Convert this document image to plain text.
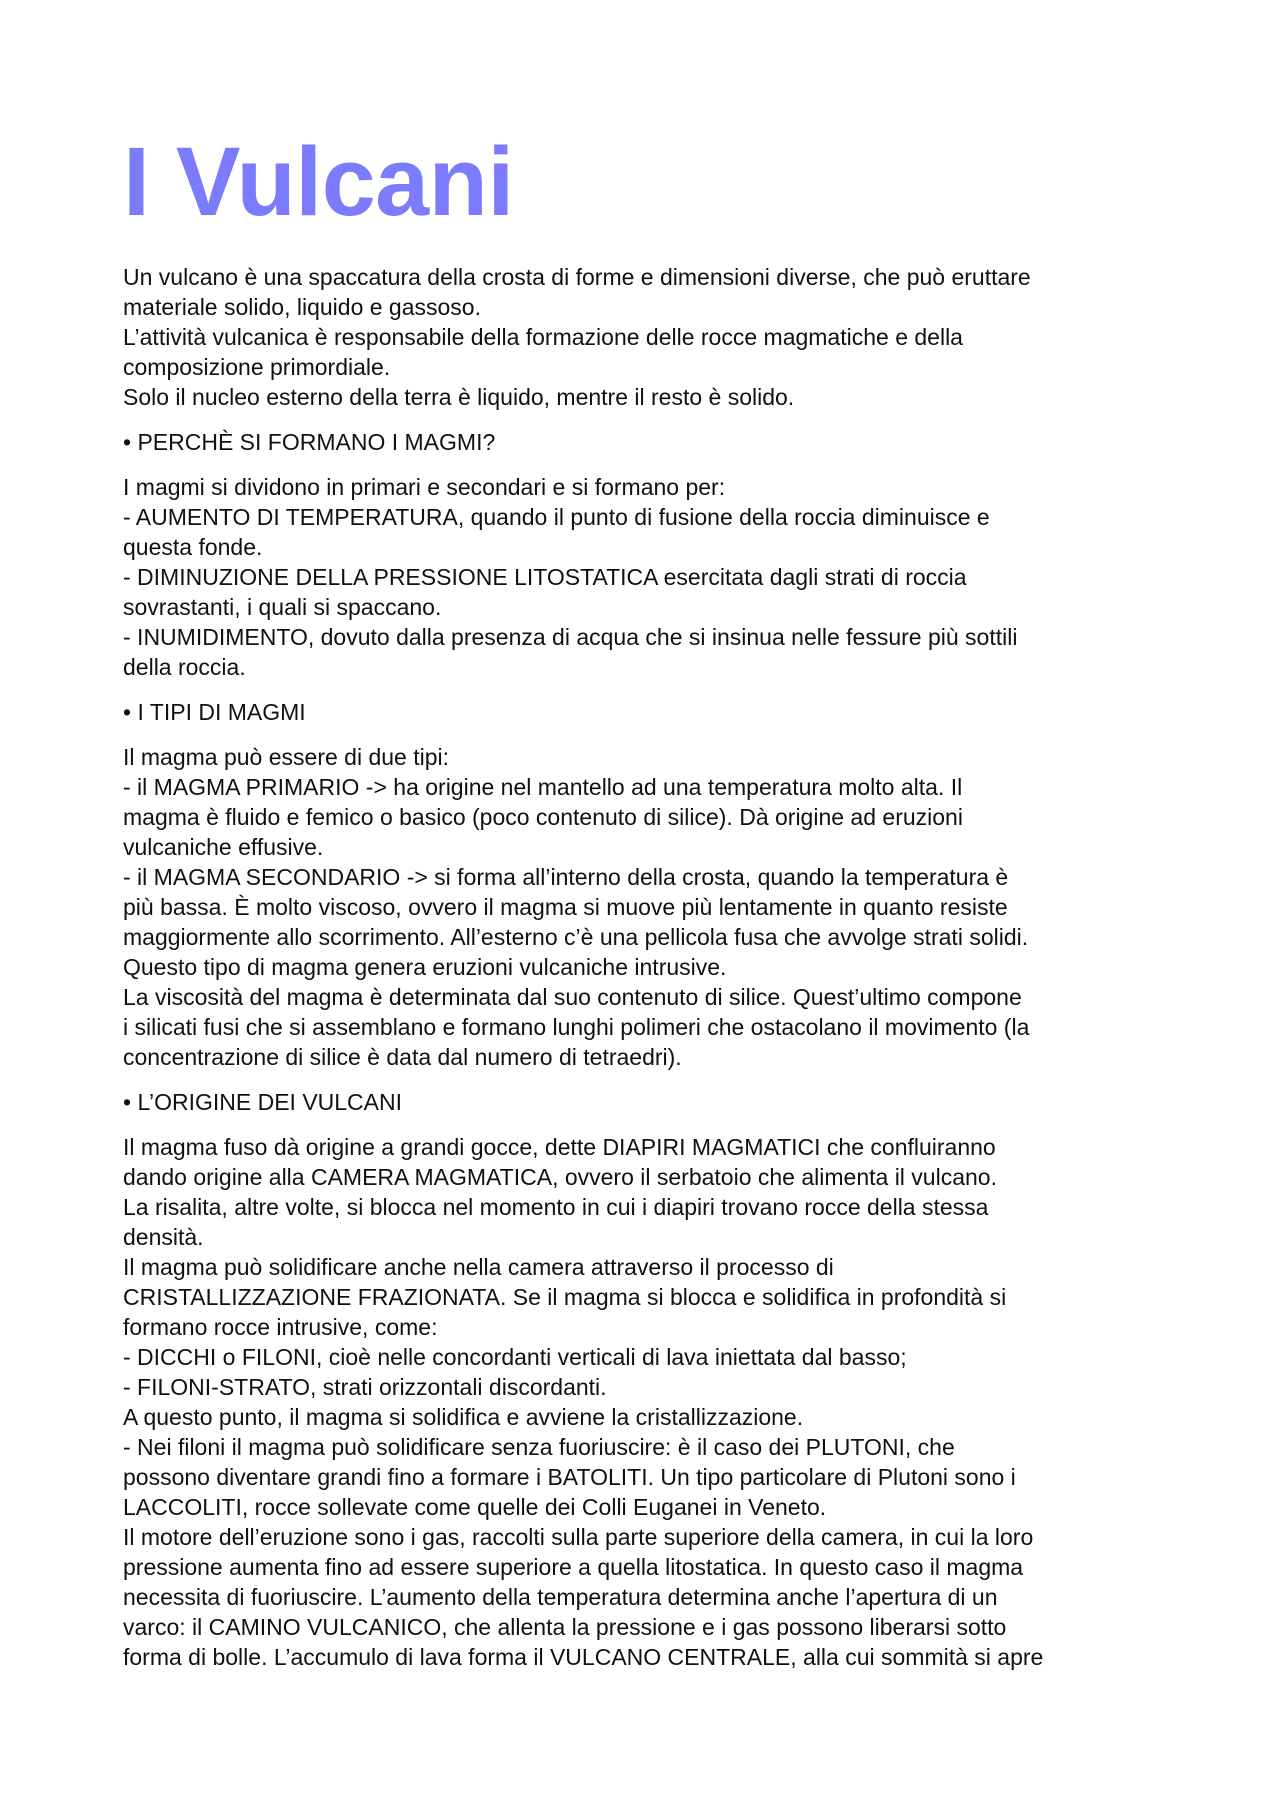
I Vulcani
Un vulcano è una spaccatura della crosta di forme e dimensioni diverse, che può eruttare
materiale solido, liquido e gassoso.
L’attività vulcanica è responsabile della formazione delle rocce magmatiche e della
composizione primordiale.
Solo il nucleo esterno della terra è liquido, mentre il resto è solido.
• PERCHÈ SI FORMANO I MAGMI?
I magmi si dividono in primari e secondari e si formano per:
- AUMENTO DI TEMPERATURA, quando il punto di fusione della roccia diminuisce e
questa fonde.
- DIMINUZIONE DELLA PRESSIONE LITOSTATICA esercitata dagli strati di roccia
sovrastanti, i quali si spaccano.
- INUMIDIMENTO, dovuto dalla presenza di acqua che si insinua nelle fessure più sottili
della roccia.
• I TIPI DI MAGMI
Il magma può essere di due tipi:
- il MAGMA PRIMARIO -> ha origine nel mantello ad una temperatura molto alta. Il
magma è fluido e femico o basico (poco contenuto di silice). Dà origine ad eruzioni
vulcaniche effusive.
- il MAGMA SECONDARIO -> si forma all’interno della crosta, quando la temperatura è
più bassa. È molto viscoso, ovvero il magma si muove più lentamente in quanto resiste
maggiormente allo scorrimento. All’esterno c’è una pellicola fusa che avvolge strati solidi.
Questo tipo di magma genera eruzioni vulcaniche intrusive.
La viscosità del magma è determinata dal suo contenuto di silice. Quest’ultimo compone
i silicati fusi che si assemblano e formano lunghi polimeri che ostacolano il movimento (la
concentrazione di silice è data dal numero di tetraedri).
• L’ORIGINE DEI VULCANI
Il magma fuso dà origine a grandi gocce, dette DIAPIRI MAGMATICI che confluiranno
dando origine alla CAMERA MAGMATICA, ovvero il serbatoio che alimenta il vulcano.
La risalita, altre volte, si blocca nel momento in cui i diapiri trovano rocce della stessa
densità.
Il magma può solidificare anche nella camera attraverso il processo di
CRISTALLIZZAZIONE FRAZIONATA. Se il magma si blocca e solidifica in profondità si
formano rocce intrusive, come:
- DICCHI o FILONI, cioè nelle concordanti verticali di lava iniettata dal basso;
- FILONI-STRATO, strati orizzontali discordanti.
A questo punto, il magma si solidifica e avviene la cristallizzazione.
- Nei filoni il magma può solidificare senza fuoriuscire: è il caso dei PLUTONI, che
possono diventare grandi fino a formare i BATOLITI. Un tipo particolare di Plutoni sono i
LACCOLITI, rocce sollevate come quelle dei Colli Euganei in Veneto.
Il motore dell’eruzione sono i gas, raccolti sulla parte superiore della camera, in cui la loro
pressione aumenta fino ad essere superiore a quella litostatica. In questo caso il magma
necessita di fuoriuscire. L’aumento della temperatura determina anche l’apertura di un
varco: il CAMINO VULCANICO, che allenta la pressione e i gas possono liberarsi sotto
forma di bolle. L’accumulo di lava forma il VULCANO CENTRALE, alla cui sommità si apre
